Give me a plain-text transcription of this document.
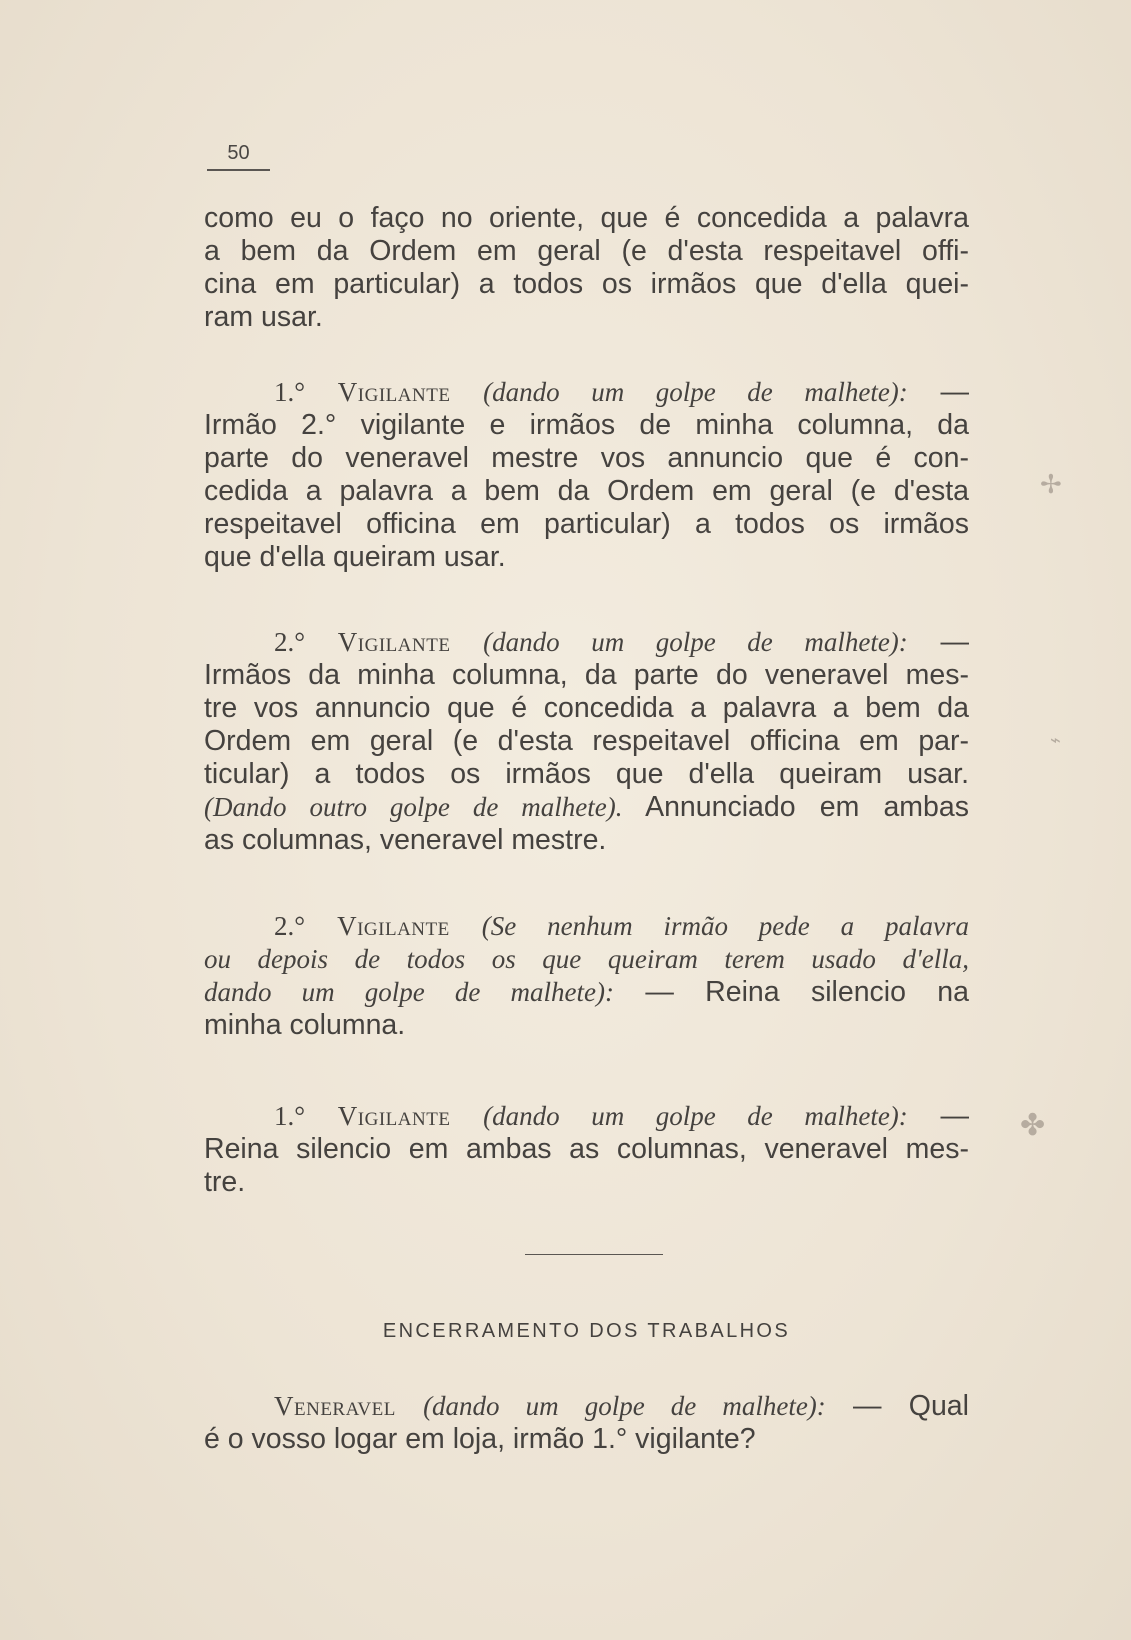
50
como eu o faço no oriente, que é concedida a palavra
a bem da Ordem em geral (e d'esta respeitavel offi-
cina em particular) a todos os irmãos que d'ella quei-
ram usar.
1.° Vigilante (dando um golpe de malhete): —
Irmão 2.° vigilante e irmãos de minha columna, da
parte do veneravel mestre vos annuncio que é con-
cedida a palavra a bem da Ordem em geral (e d'esta
respeitavel officina em particular) a todos os irmãos
que d'ella queiram usar.
2.° Vigilante (dando um golpe de malhete): —
Irmãos da minha columna, da parte do veneravel mes-
tre vos annuncio que é concedida a palavra a bem da
Ordem em geral (e d'esta respeitavel officina em par-
ticular) a todos os irmãos que d'ella queiram usar.
(Dando outro golpe de malhete). Annunciado em ambas
as columnas, veneravel mestre.
2.° Vigilante (Se nenhum irmão pede a palavra
ou depois de todos os que queiram terem usado d'ella,
dando um golpe de malhete): — Reina silencio na
minha columna.
1.° Vigilante (dando um golpe de malhete): —
Reina silencio em ambas as columnas, veneravel mes-
tre.
ENCERRAMENTO DOS TRABALHOS
Veneravel (dando um golpe de malhete): — Qual
é o vosso logar em loja, irmão 1.° vigilante?
✢
⌁
✤
